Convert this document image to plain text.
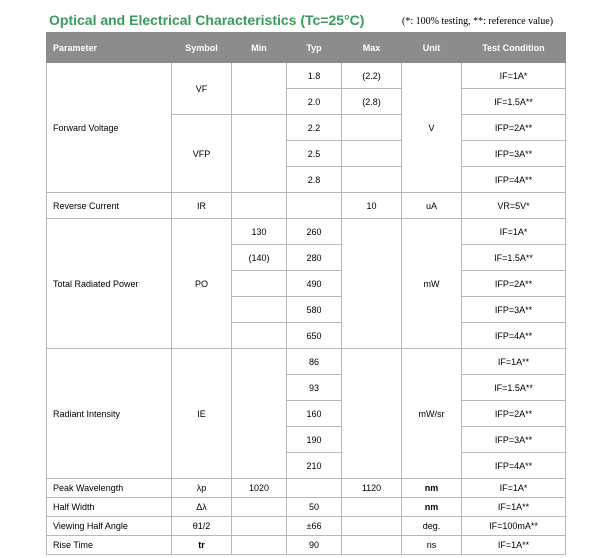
Optical and Electrical Characteristics (Tc=25°C)	(*: 100% testing, **: reference value)
Parameter	Symbol	Min	Typ	Max	Unit	Test Condition
Forward Voltage	VF		1.8	(2.2)	V	IF=1A*
			2.0	(2.8)		IF=1.5A**
	VFP		2.2			IFP=2A**
			2.5			IFP=3A**
			2.8			IFP=4A**
Reverse Current	IR			10	uA	VR=5V*
Total Radiated Power	PO	130	260		mW	IF=1A*
		(140)	280			IF=1.5A**
			490			IFP=2A**
			580			IFP=3A**
			650			IFP=4A**
Radiant Intensity	IE		86		mW/sr	IF=1A**
			93			IF=1.5A**
			160			IFP=2A**
			190			IFP=3A**
			210			IFP=4A**
Peak Wavelength	λp	1020		1120	nm	IF=1A*
Half Width	Δλ		50		nm	IF=1A**
Viewing Half Angle	θ1/2		±66		deg.	IF=100mA**
Rise Time	tr		90		ns	IF=1A**
